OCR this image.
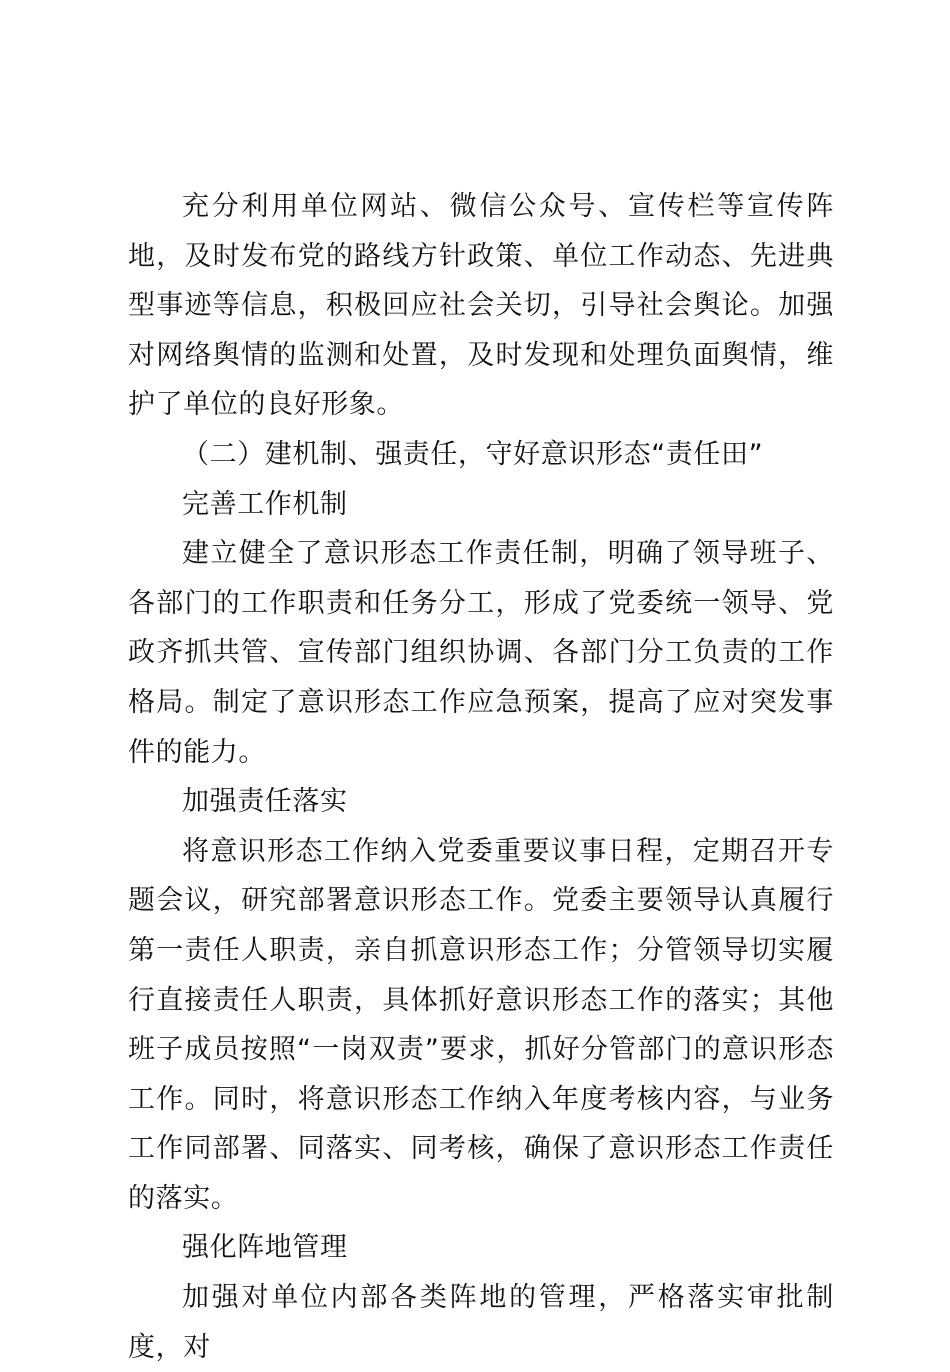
充分利用单位网站、微信公众号、宣传栏等宣传阵地，及时发布党的路线方针政策、单位工作动态、先进典型事迹等信息，积极回应社会关切，引导社会舆论。加强对网络舆情的监测和处置，及时发现和处理负面舆情，维护了单位的良好形象。

（二）建机制、强责任，守好意识形态“责任田”

完善工作机制

建立健全了意识形态工作责任制，明确了领导班子、各部门的工作职责和任务分工，形成了党委统一领导、党政齐抓共管、宣传部门组织协调、各部门分工负责的工作格局。制定了意识形态工作应急预案，提高了应对突发事件的能力。

加强责任落实

将意识形态工作纳入党委重要议事日程，定期召开专题会议，研究部署意识形态工作。党委主要领导认真履行第一责任人职责，亲自抓意识形态工作；分管领导切实履行直接责任人职责，具体抓好意识形态工作的落实；其他班子成员按照“一岗双责”要求，抓好分管部门的意识形态工作。同时，将意识形态工作纳入年度考核内容，与业务工作同部署、同落实、同考核，确保了意识形态工作责任的落实。

强化阵地管理

加强对单位内部各类阵地的管理，严格落实审批制度，对
